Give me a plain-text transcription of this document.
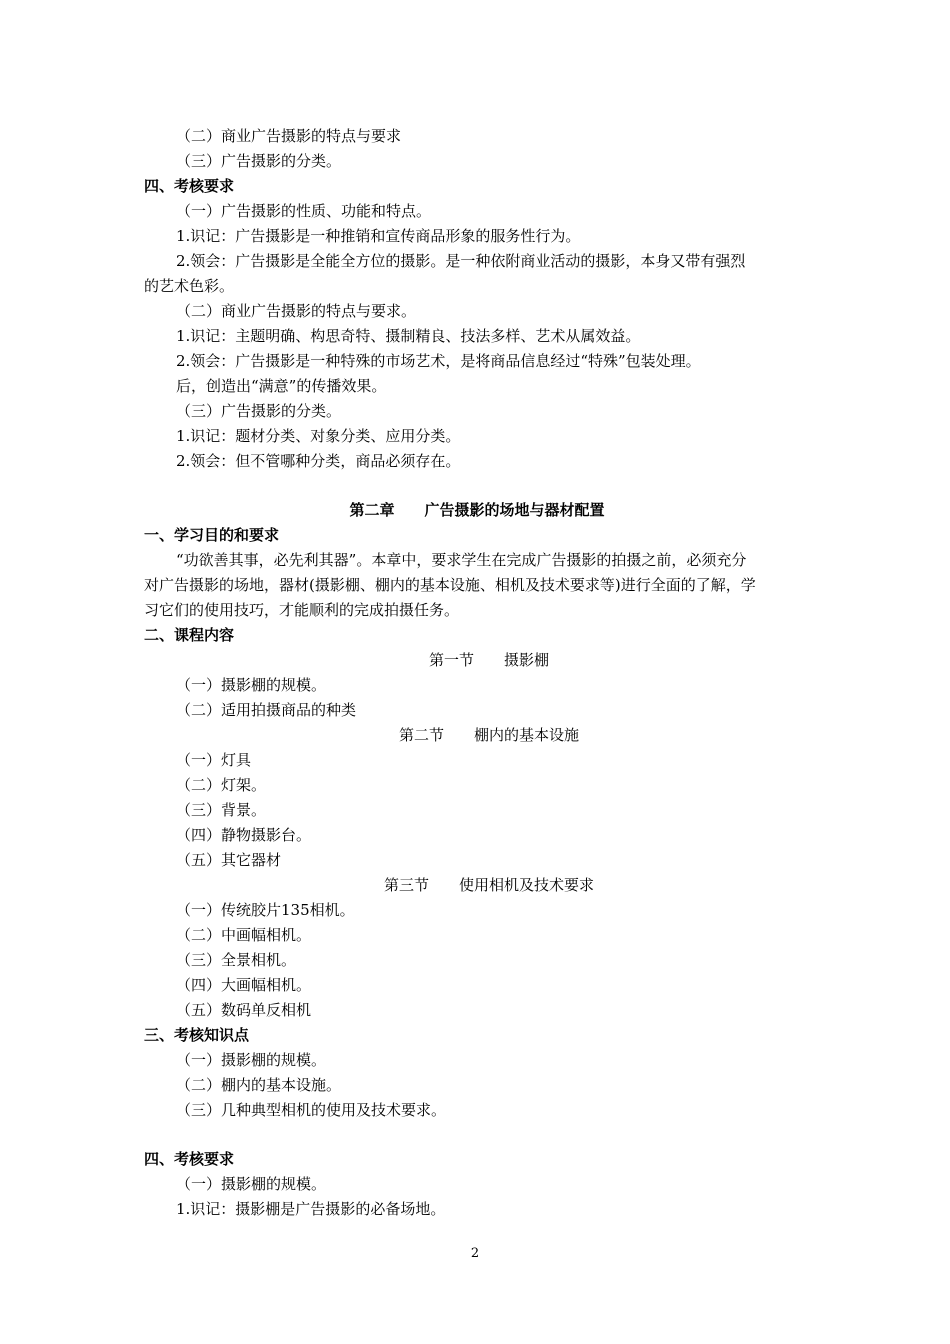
（二）商业广告摄影的特点与要求
（三）广告摄影的分类。
四、考核要求
（一）广告摄影的性质、功能和特点。
1.识记：广告摄影是一种推销和宣传商品形象的服务性行为。
2.领会：广告摄影是全能全方位的摄影。是一种依附商业活动的摄影，本身又带有强烈
的艺术色彩。
（二）商业广告摄影的特点与要求。
1.识记：主题明确、构思奇特、摄制精良、技法多样、艺术从属效益。
2.领会：广告摄影是一种特殊的市场艺术，是将商品信息经过“特殊”包装处理。
后，创造出“满意”的传播效果。
（三）广告摄影的分类。
1.识记：题材分类、对象分类、应用分类。
2.领会：但不管哪种分类，商品必须存在。
第二章 广告摄影的场地与器材配置
一、学习目的和要求
“功欲善其事，必先利其器”。本章中，要求学生在完成广告摄影的拍摄之前，必须充分
对广告摄影的场地，器材(摄影棚、棚内的基本设施、相机及技术要求等)进行全面的了解，学
习它们的使用技巧，才能顺利的完成拍摄任务。
二、课程内容
第一节 摄影棚
（一）摄影棚的规模。
（二）适用拍摄商品的种类
第二节 棚内的基本设施
（一）灯具
（二）灯架。
（三）背景。
（四）静物摄影台。
（五）其它器材
第三节 使用相机及技术要求
（一）传统胶片135相机。
（二）中画幅相机。
（三）全景相机。
（四）大画幅相机。
（五）数码单反相机
三、考核知识点
（一）摄影棚的规模。
（二）棚内的基本设施。
（三）几种典型相机的使用及技术要求。
四、考核要求
（一）摄影棚的规模。
1.识记：摄影棚是广告摄影的必备场地。
2
